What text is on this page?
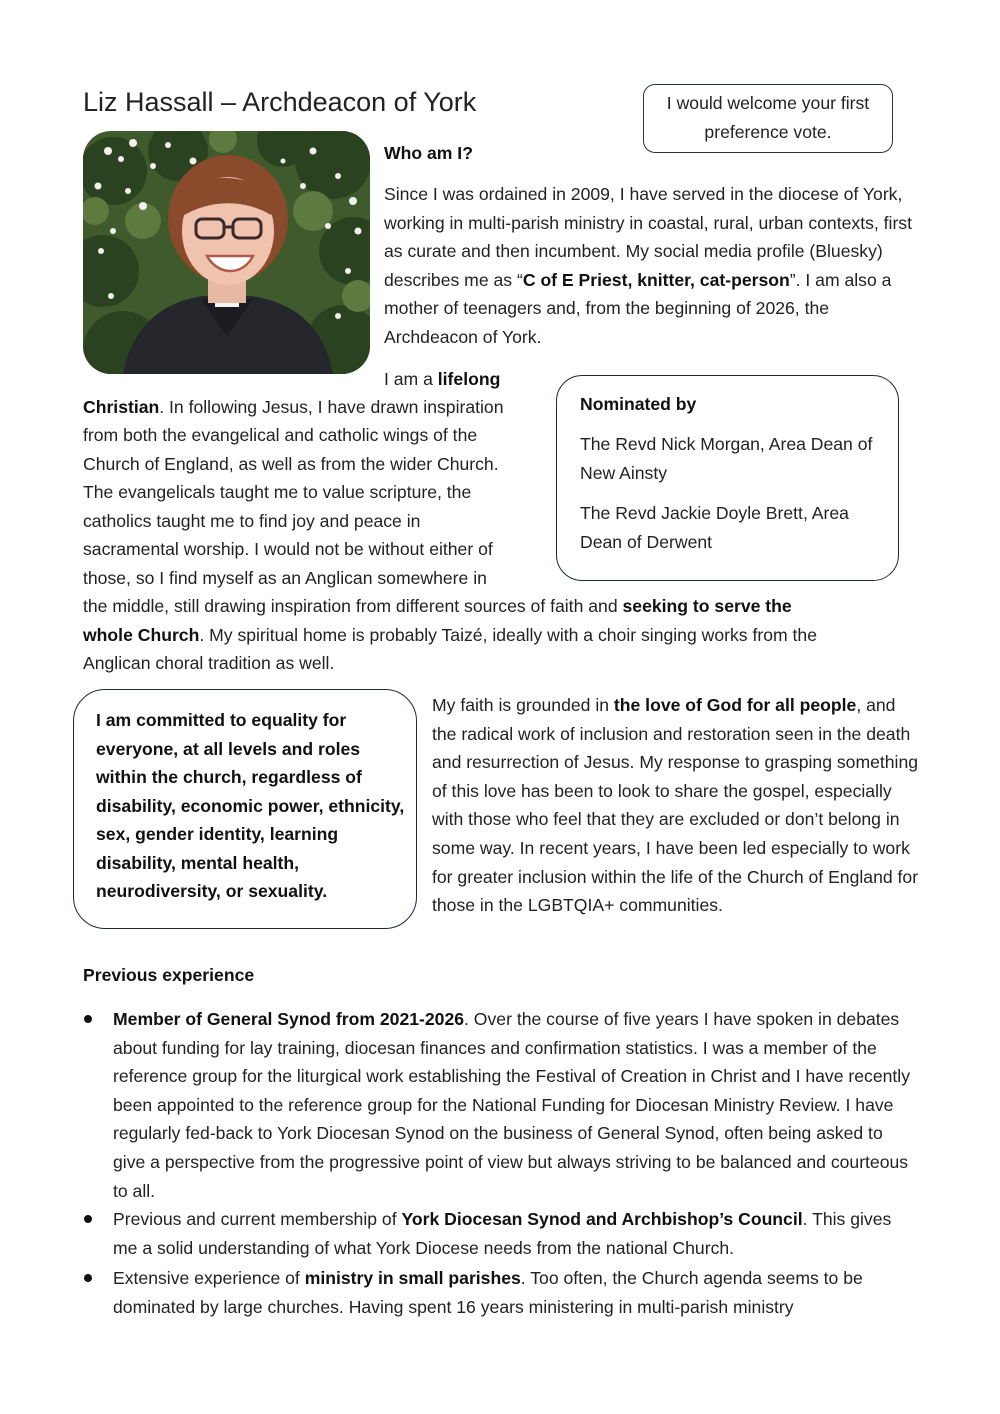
Liz Hassall – Archdeacon of York	I would welcome your first
preference vote.
Who am I?
Since I was ordained in 2009, I have served in the diocese of York, working in multi-parish ministry in coastal, rural, urban contexts, first as curate and then incumbent. My social media profile (Bluesky) describes me as “C of E Priest, knitter, cat-person”. I am also a mother of teenagers and, from the beginning of 2026, the Archdeacon of York.
I am a lifelong
Christian. In following Jesus, I have drawn inspiration
from both the evangelical and catholic wings of the
Church of England, as well as from the wider Church.
The evangelicals taught me to value scripture, the
catholics taught me to find joy and peace in
sacramental worship. I would not be without either of
those, so I find myself as an Anglican somewhere in
the middle, still drawing inspiration from different sources of faith and seeking to serve the
whole Church. My spiritual home is probably Taizé, ideally with a choir singing works from the
Anglican choral tradition as well.
Nominated by
The Revd Nick Morgan, Area Dean of New Ainsty
The Revd Jackie Doyle Brett, Area Dean of Derwent
I am committed to equality for everyone, at all levels and roles within the church, regardless of disability, economic power, ethnicity, sex, gender identity, learning disability, mental health, neurodiversity, or sexuality.
My faith is grounded in the love of God for all people, and the radical work of inclusion and restoration seen in the death and resurrection of Jesus. My response to grasping something of this love has been to look to share the gospel, especially with those who feel that they are excluded or don’t belong in some way. In recent years, I have been led especially to work for greater inclusion within the life of the Church of England for those in the LGBTQIA+ communities.
Previous experience
Member of General Synod from 2021-2026. Over the course of five years I have spoken in debates about funding for lay training, diocesan finances and confirmation statistics. I was a member of the reference group for the liturgical work establishing the Festival of Creation in Christ and I have recently been appointed to the reference group for the National Funding for Diocesan Ministry Review. I have regularly fed-back to York Diocesan Synod on the business of General Synod, often being asked to give a perspective from the progressive point of view but always striving to be balanced and courteous to all.
Previous and current membership of York Diocesan Synod and Archbishop’s Council. This gives me a solid understanding of what York Diocese needs from the national Church.
Extensive experience of ministry in small parishes. Too often, the Church agenda seems to be dominated by large churches. Having spent 16 years ministering in multi-parish ministry
